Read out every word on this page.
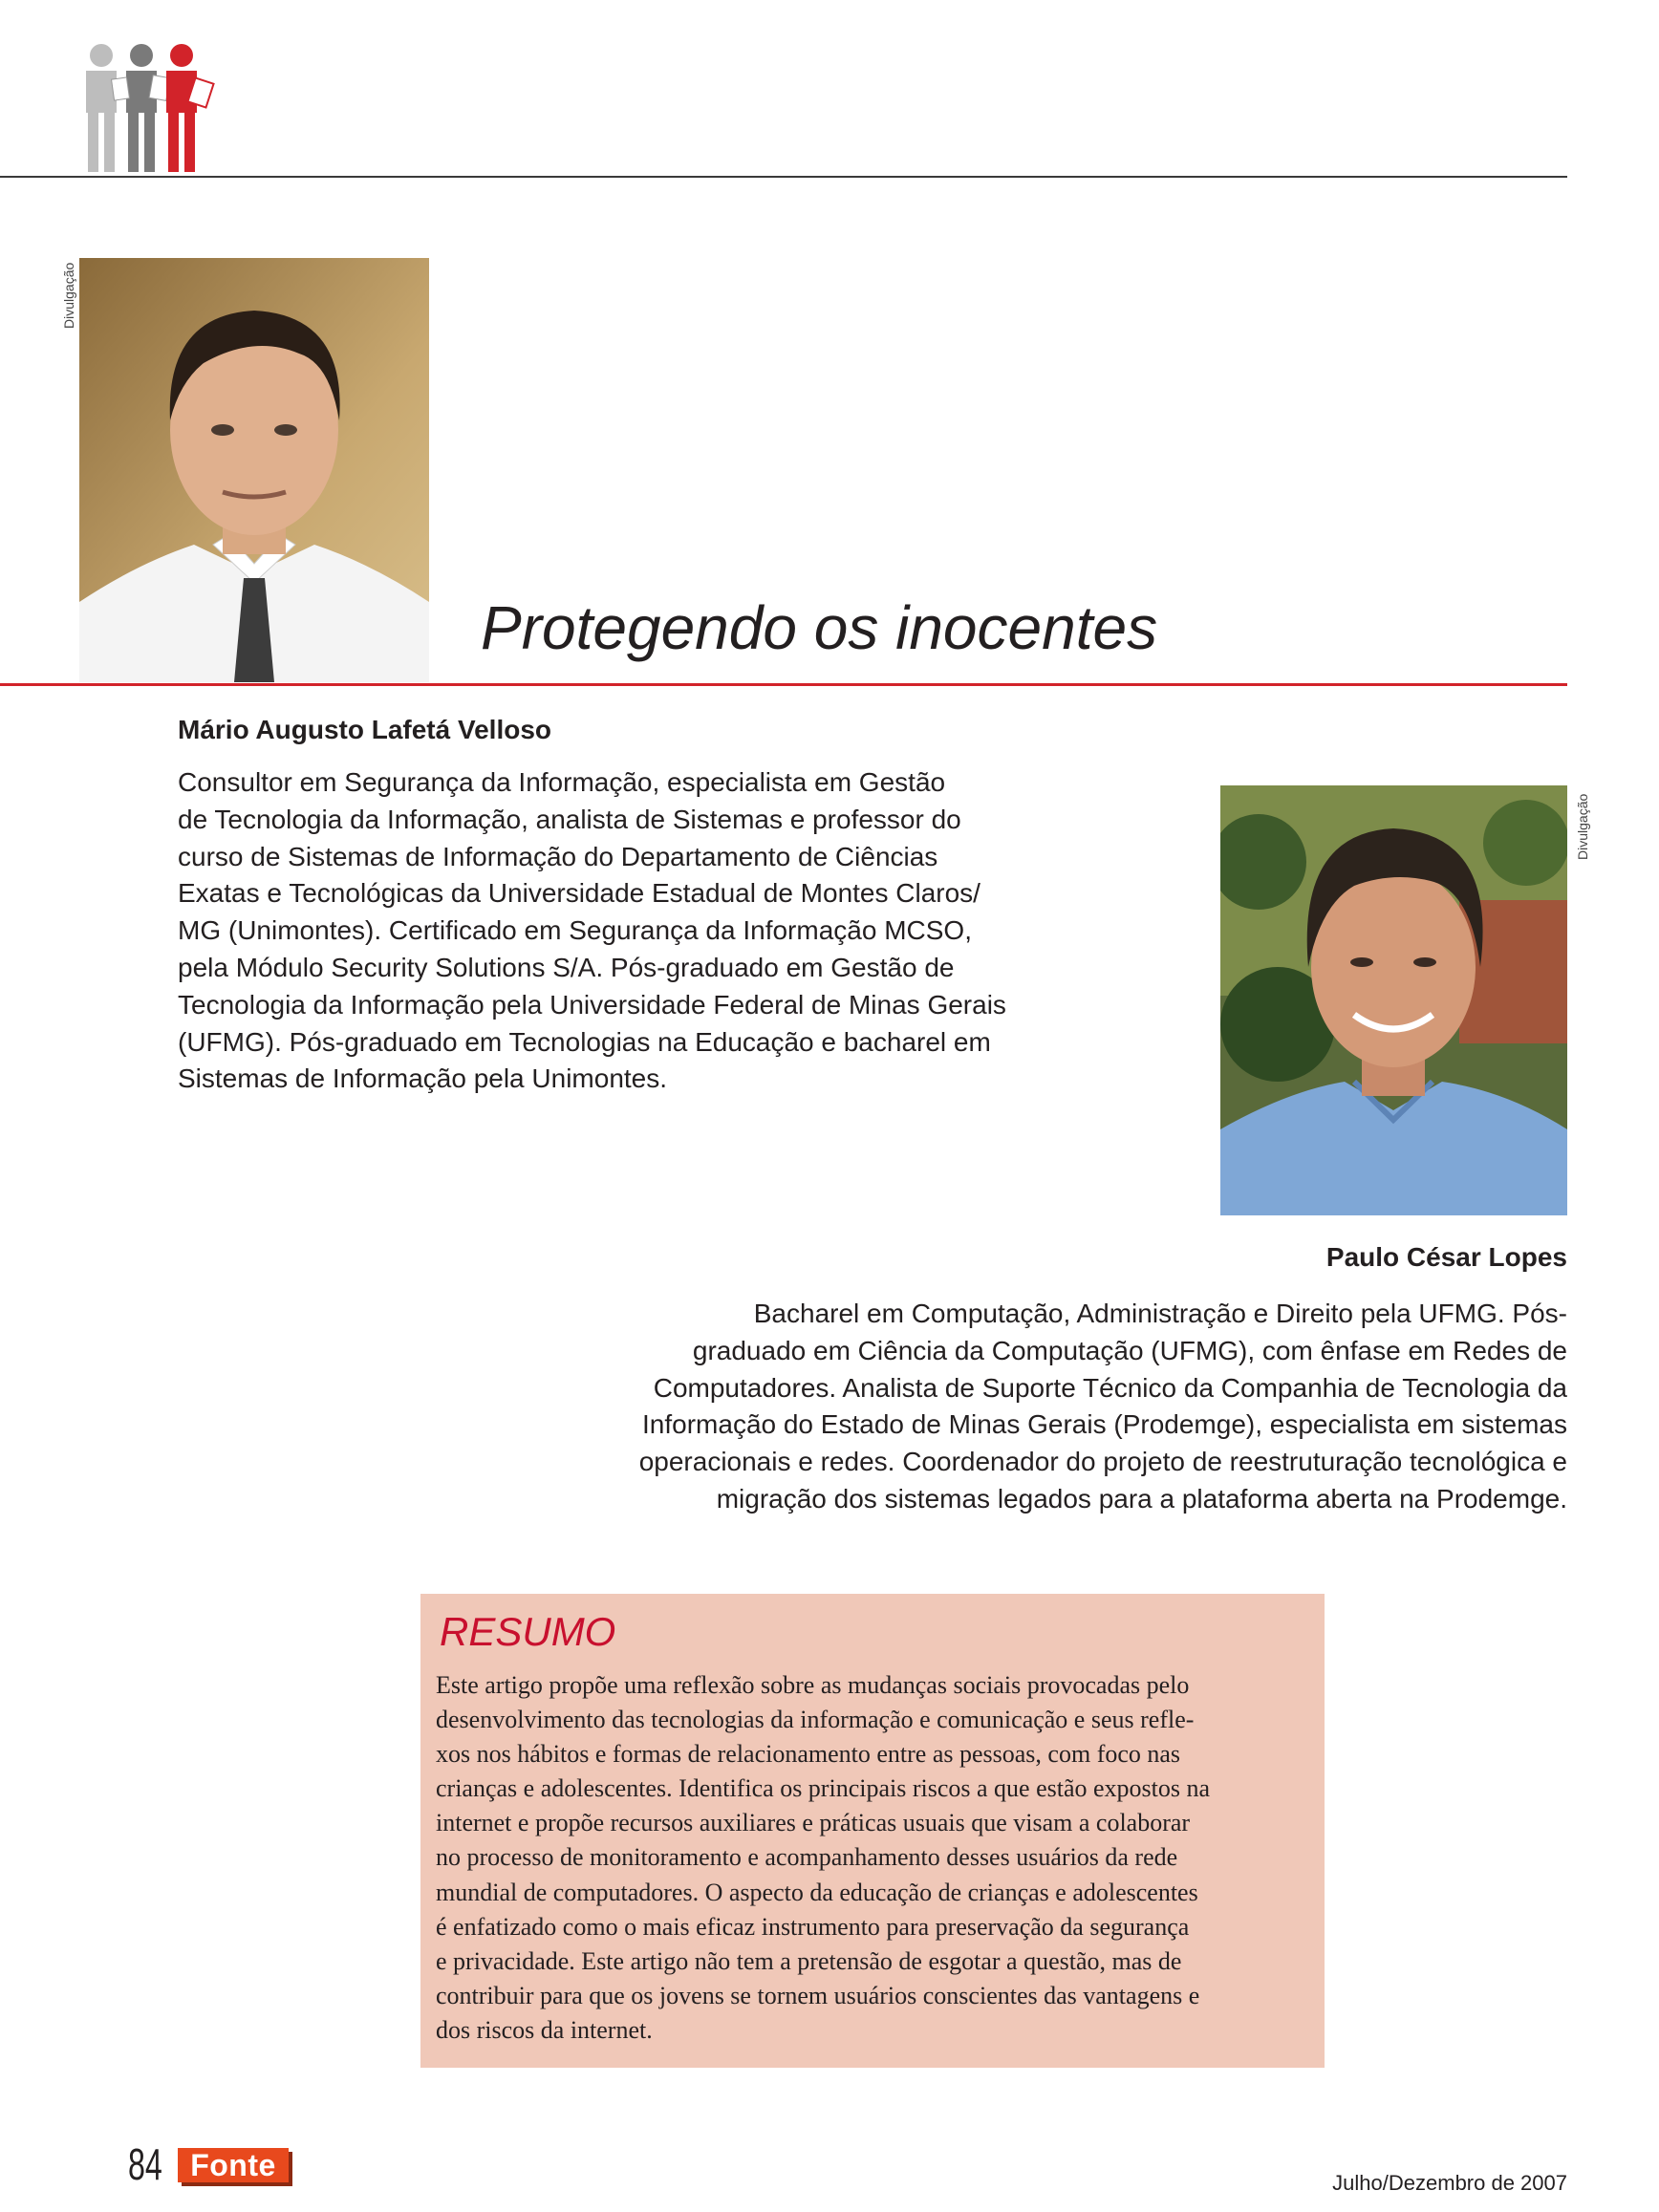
Divulgação
Protegendo os inocentes
Mário Augusto Lafetá Velloso
Consultor em Segurança da Informação, especialista em Gestão
de Tecnologia da Informação, analista de Sistemas e professor do
curso de Sistemas de Informação do Departamento de Ciências
Exatas e Tecnológicas da Universidade Estadual de Montes Claros/
MG (Unimontes). Certificado em Segurança da Informação MCSO,
pela Módulo Security Solutions S/A. Pós-graduado em Gestão de
Tecnologia da Informação pela Universidade Federal de Minas Gerais
(UFMG). Pós-graduado em Tecnologias na Educação e bacharel em
Sistemas de Informação pela Unimontes.
Divulgação
Paulo César Lopes
Bacharel em Computação, Administração e Direito pela UFMG. Pós-
graduado em Ciência da Computação (UFMG), com ênfase em Redes de
Computadores. Analista de Suporte Técnico da Companhia de Tecnologia da
Informação do Estado de Minas Gerais (Prodemge), especialista em sistemas
operacionais e redes. Coordenador do projeto de reestruturação tecnológica e
migração dos sistemas legados para a plataforma aberta na Prodemge.
RESUMO
Este artigo propõe uma reflexão sobre as mudanças sociais provocadas pelo
desenvolvimento das tecnologias da informação e comunicação e seus refle-
xos nos hábitos e formas de relacionamento entre as pessoas, com foco nas
crianças e adolescentes. Identifica os principais riscos a que estão expostos na
internet e propõe recursos auxiliares e práticas usuais que visam a colaborar
no processo de monitoramento e acompanhamento desses usuários da rede
mundial de computadores. O aspecto da educação de crianças e adolescentes
é enfatizado como o mais eficaz instrumento para preservação da segurança
e privacidade. Este artigo não tem a pretensão de esgotar a questão, mas de
contribuir para que os jovens se tornem usuários conscientes das vantagens e
dos riscos da internet.
84 Fonte
Julho/Dezembro de 2007
